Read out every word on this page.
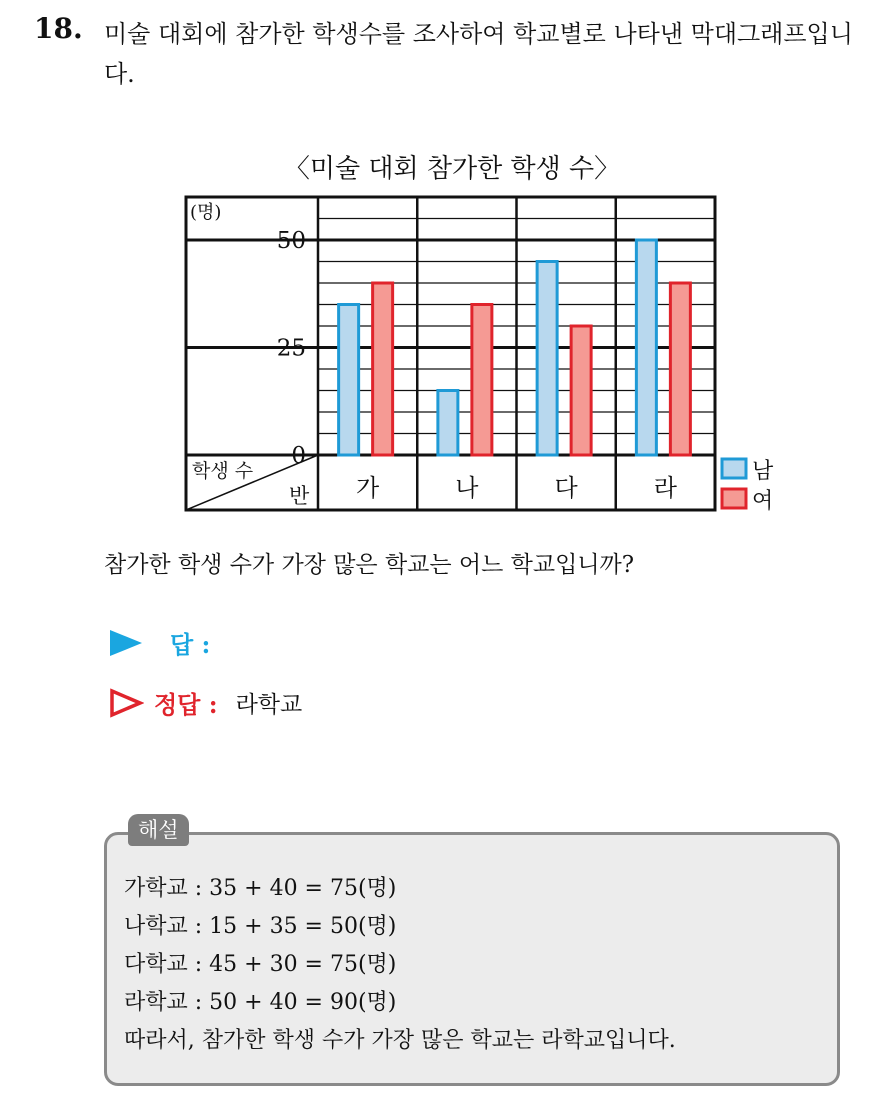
18. 미술 대회에 참가한 학생수를 조사하여 학교별로 나타낸 막대그래프입니다.
〈미술 대회 참가한 학생 수〉
가	나	다	라
0
25
50
(명)
학생 수
반
남
여
참가한 학생 수가 가장 많은 학교는 어느 학교입니까?
답 :
정답 : 라학교
해설
가학교 : 35 + 40 = 75(명)
나학교 : 15 + 35 = 50(명)
다학교 : 45 + 30 = 75(명)
라학교 : 50 + 40 = 90(명)
따라서, 참가한 학생 수가 가장 많은 학교는 라학교입니다.
